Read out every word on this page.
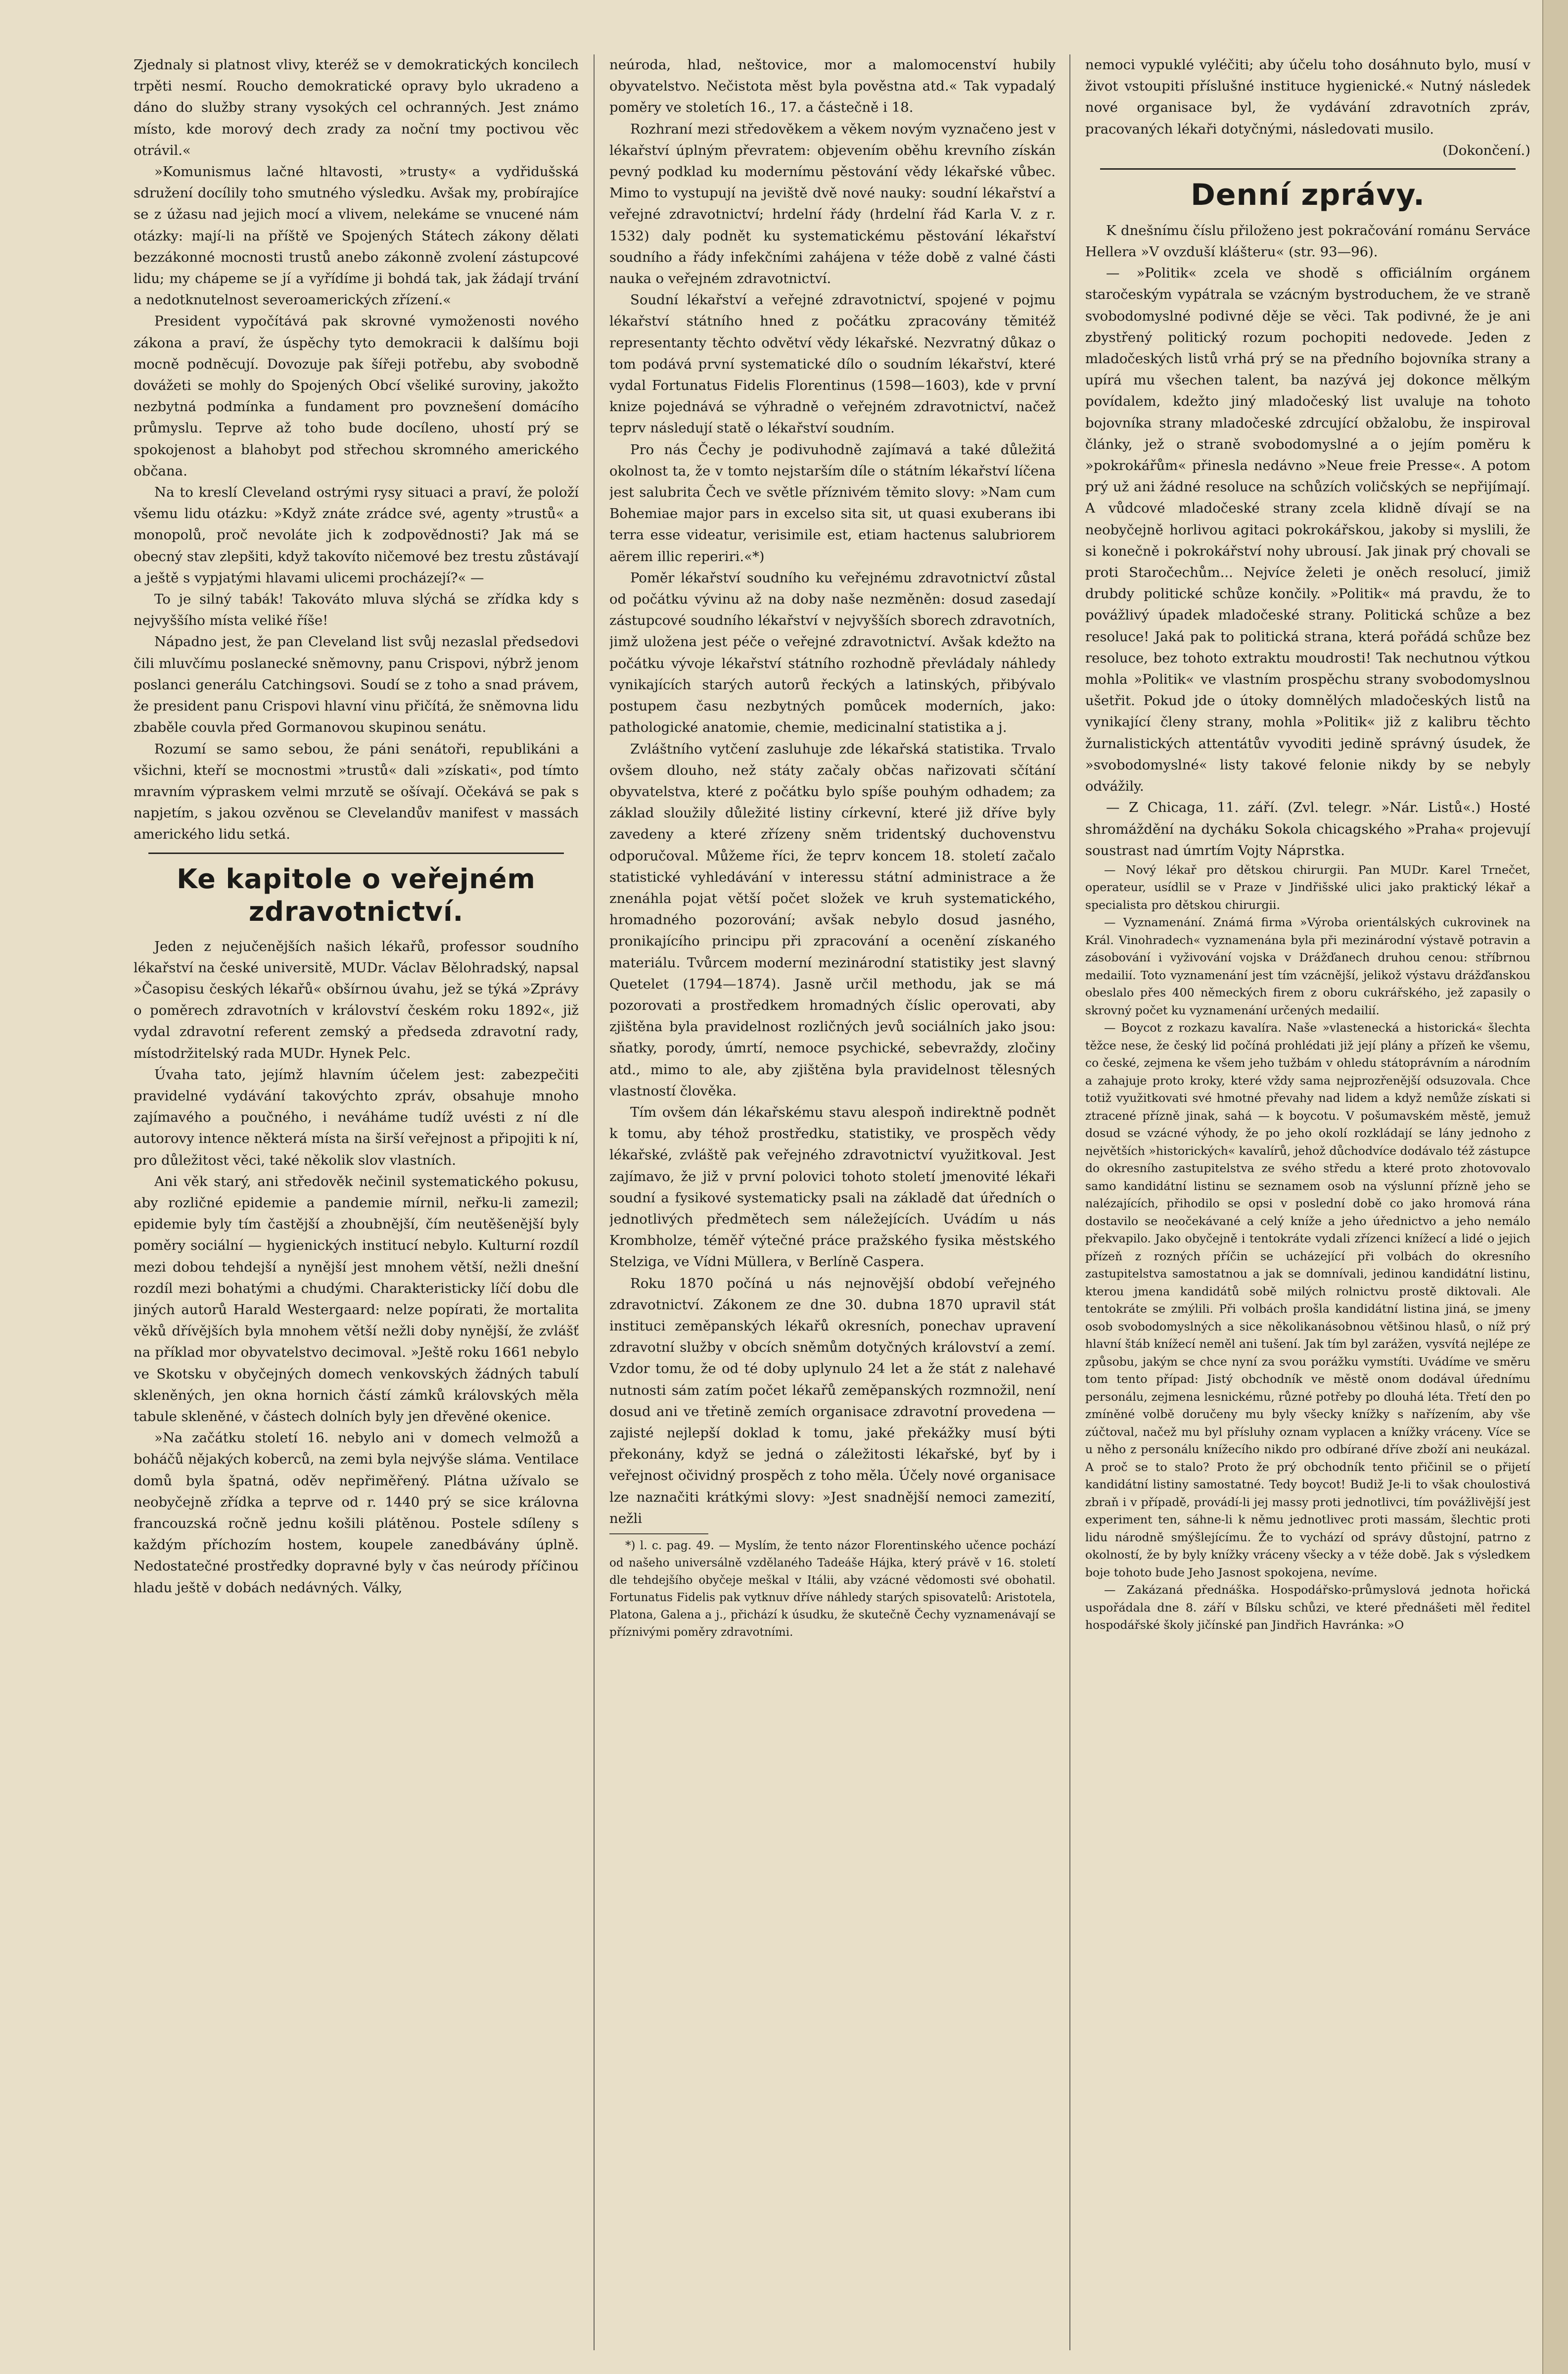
Zjednaly si platnost vlivy, kteréž se v demokratických koncilech trpěti nesmí. Roucho demokratické opravy bylo ukradeno a dáno do služby strany vysokých cel ochranných. Jest známo místo, kde morový dech zrady za noční tmy poctivou věc otrávil.«

»Komunismus lačné hltavosti, »trusty« a vydřidušská sdružení docílily toho smutného výsledku. Avšak my, probírajíce se z úžasu nad jejich mocí a vlivem, nelekáme se vnucené nám otázky: mají-li na příště ve Spojených Státech zákony dělati bezzákonné mocnosti trustů anebo zákonně zvolení zástupcové lidu; my chápeme se jí a vyřídíme ji bohdá tak, jak žádají trvání a nedotknutelnost severoamerických zřízení.«

President vypočítává pak skrovné vymoženosti nového zákona a praví, že úspěchy tyto demokracii k dalšímu boji mocně podněcují. Dovozuje pak šířeji potřebu, aby svobodně dovážeti se mohly do Spojených Obcí všeliké suroviny, jakožto nezbytná podmínka a fundament pro povznešení domácího průmyslu. Teprve až toho bude docíleno, uhostí prý se spokojenost a blahobyt pod střechou skromného amerického občana.

Na to kreslí Cleveland ostrými rysy situaci a praví, že položí všemu lidu otázku: »Když znáte zrádce své, agenty »trustů« a monopolů, proč nevoláte jich k zodpovědnosti? Jak má se obecný stav zlepšiti, když takovíto ničemové bez trestu zůstávají a ještě s vypjatými hlavami ulicemi procházejí?« —

To je silný tabák! Takováto mluva slýchá se zřídka kdy s nejvyššího místa veliké říše!

Nápadno jest, že pan Cleveland list svůj nezaslal předsedovi čili mluvčímu poslanecké sněmovny, panu Crispovi, nýbrž jenom poslanci generálu Catchingsovi. Soudí se z toho a snad právem, že president panu Crispovi hlavní vinu přičítá, že sněmovna lidu zbaběle couvla před Gormanovou skupinou senátu.

Rozumí se samo sebou, že páni senátoři, republikáni a všichni, kteří se mocnostmi »trustů« dali »získati«, pod tímto mravním výpraskem velmi mrzutě se ošívají. Očekává se pak s napjetím, s jakou ozvěnou se Clevelandův manifest v massách amerického lidu setká.

Ke kapitole o veřejném zdravotnictví.

Jeden z nejučenějších našich lékařů, professor soudního lékařství na české universitě, MUDr. Václav Bělohradský, napsal »Časopisu českých lékařů« obšírnou úvahu, jež se týká »Zprávy o poměrech zdravotních v království českém roku 1892«, již vydal zdravotní referent zemský a předseda zdravotní rady, místodržitelský rada MUDr. Hynek Pelc.

Úvaha tato, jejímž hlavním účelem jest: zabezpečiti pravidelné vydávání takovýchto zpráv, obsahuje mnoho zajímavého a poučného, i neváháme tudíž uvésti z ní dle autorovy intence některá místa na širší veřejnost a připojiti k ní, pro důležitost věci, také několik slov vlastních.

Ani věk starý, ani středověk nečinil systematického pokusu, aby rozličné epidemie a pandemie mírnil, neřku-li zamezil; epidemie byly tím častější a zhoubnější, čím neutěšenější byly poměry sociální — hygienických institucí nebylo. Kulturní rozdíl mezi dobou tehdejší a nynější jest mnohem větší, nežli dnešní rozdíl mezi bohatými a chudými. Charakteristicky líčí dobu dle jiných autorů Harald Westergaard: nelze popírati, že mortalita věků dřívějších byla mnohem větší nežli doby nynější, že zvlášť na příklad mor obyvatelstvo decimoval. »Ještě roku 1661 nebylo ve Skotsku v obyčejných domech venkovských žádných tabulí skleněných, jen okna hornich částí zámků královských měla tabule skleněné, v částech dolních byly jen dřevěné okenice.

»Na začátku století 16. nebylo ani v domech velmožů a boháčů nějakých koberců, na zemi byla nejvýše sláma. Ventilace domů byla špatná, oděv nepřiměřený. Plátna užívalo se neobyčejně zřídka a teprve od r. 1440 prý se sice královna francouzská ročně jednu košili plátěnou. Postele sdíleny s každým příchozím hostem, koupele zanedbávány úplně. Nedostatečné prostředky dopravné byly v čas neúrody příčinou hladu ještě v dobách nedávných. Války,

neúroda, hlad, neštovice, mor a malomocenství hubily obyvatelstvo. Nečistota měst byla pověstna atd.« Tak vypadalý poměry ve stoletích 16., 17. a částečně i 18.

Rozhraní mezi středověkem a věkem novým vyznačeno jest v lékařství úplným převratem: objevením oběhu krevního získán pevný podklad ku modernímu pěstování vědy lékařské vůbec. Mimo to vystupují na jeviště dvě nové nauky: soudní lékařství a veřejné zdravotnictví; hrdelní řády (hrdelní řád Karla V. z r. 1532) daly podnět ku systematickému pěstování lékařství soudního a řády infekčními zahájena v téže době z valné části nauka o veřejném zdravotnictví.

Soudní lékařství a veřejné zdravotnictví, spojené v pojmu lékařství státního hned z počátku zpracovány těmitéž representanty těchto odvětví vědy lékařské. Nezvratný důkaz o tom podává první systematické dílo o soudním lékařství, které vydal Fortunatus Fidelis Florentinus (1598—1603), kde v první knize pojednává se výhradně o veřejném zdravotnictví, načež teprv následují statě o lékařství soudním.

Pro nás Čechy je podivuhodně zajímavá a také důležitá okolnost ta, že v tomto nejstarším díle o státním lékařství líčena jest salubrita Čech ve světle příznivém těmito slovy: »Nam cum Bohemiae major pars in excelso sita sit, ut quasi exuberans ibi terra esse videatur, verisimile est, etiam hactenus salubriorem aërem illic reperiri.«*)

Poměr lékařství soudního ku veřejnému zdravotnictví zůstal od počátku vývinu až na doby naše nezměněn: dosud zasedají zástupcové soudního lékařství v nejvyšších sborech zdravotních, jimž uložena jest péče o veřejné zdravotnictví. Avšak kdežto na počátku vývoje lékařství státního rozhodně převládaly náhledy vynikajících starých autorů řeckých a latinských, přibývalo postupem času nezbytných pomůcek moderních, jako: pathologické anatomie, chemie, medicinalní statistika a j.

Zvláštního vytčení zasluhuje zde lékařská statistika. Trvalo ovšem dlouho, než státy začaly občas nařizovati sčítání obyvatelstva, které z počátku bylo spíše pouhým odhadem; za základ sloužily důležité listiny církevní, které již dříve byly zavedeny a které zřízeny sněm tridentský duchovenstvu odporučoval. Můžeme říci, že teprv koncem 18. století začalo statistické vyhledávání v interessu státní administrace a že znenáhla pojat větší počet složek ve kruh systematického, hromadného pozorování; avšak nebylo dosud jasného, pronikajícího principu při zpracování a ocenění získaného materiálu. Tvůrcem moderní mezinárodní statistiky jest slavný Quetelet (1794—1874). Jasně určil methodu, jak se má pozorovati a prostředkem hromadných číslic operovati, aby zjištěna byla pravidelnost rozličných jevů sociálních jako jsou: sňatky, porody, úmrtí, nemoce psychické, sebevraždy, zločiny atd., mimo to ale, aby zjištěna byla pravidelnost tělesných vlastností člověka.

Tím ovšem dán lékařskému stavu alespoň indirektně podnět k tomu, aby téhož prostředku, statistiky, ve prospěch vědy lékařské, zvláště pak veřejného zdravotnictví využitkoval. Jest zajímavo, že již v první polovici tohoto století jmenovité lékaři soudní a fysikové systematicky psali na základě dat úředních o jednotlivých předmětech sem náležejících. Uvádím u nás Krombholze, téměř výtečné práce pražského fysika městského Stelziga, ve Vídni Müllera, v Berlíně Caspera.

Roku 1870 počíná u nás nejnovější období veřejného zdravotnictví. Zákonem ze dne 30. dubna 1870 upravil stát instituci zeměpanských lékařů okresních, ponechav upravení zdravotní služby v obcích sněmům dotyčných království a zemí. Vzdor tomu, že od té doby uplynulo 24 let a že stát z nalehavé nutnosti sám zatím počet lékařů zeměpanských rozmnožil, není dosud ani ve třetině zemích organisace zdravotní provedena — zajisté nejlepší doklad k tomu, jaké překážky musí býti překonány, když se jedná o záležitosti lékařské, byť by i veřejnost očividný prospěch z toho měla. Účely nové organisace lze naznačiti krátkými slovy: »Jest snadnější nemoci zamezití, nežli

*) l. c. pag. 49. — Myslím, že tento názor Florentinského učence pochází od našeho universálně vzdělaného Tadeáše Hájka, který právě v 16. století dle tehdejšího obyčeje meškal v Itálii, aby vzácné vědomosti své obohatil. Fortunatus Fidelis pak vytknuv dříve náhledy starých spisovatelů: Aristotela, Platona, Galena a j., přichází k úsudku, že skutečně Čechy vyznamenávají se příznivými poměry zdravotními.

nemoci vypuklé vyléčiti; aby účelu toho dosáhnuto bylo, musí v život vstoupiti příslušné instituce hygienické.« Nutný následek nové organisace byl, že vydávání zdravotních zpráv, pracovaných lékaři dotyčnými, následovati musilo.

(Dokončení.)

Denní zprávy.

K dnešnímu číslu přiloženo jest pokračování románu Serváce Hellera »V ovzduší klášteru« (str. 93—96).

— »Politik« zcela ve shodě s officiálním orgánem staročeským vypátrala se vzácným bystroduchem, že ve straně svobodomyslné podivné děje se věci. Tak podivné, že je ani zbystřený politický rozum pochopiti nedovede. Jeden z mladočeských listů vrhá prý se na předního bojovníka strany a upírá mu všechen talent, ba nazývá jej dokonce mělkým povídalem, kdežto jiný mladočeský list uvaluje na tohoto bojovníka strany mladočeské zdrcující obžalobu, že inspiroval články, jež o straně svobodomyslné a o jejím poměru k »pokrokářům« přinesla nedávno »Neue freie Presse«. A potom prý už ani žádné resoluce na schůzích voličských se nepřijímají. A vůdcové mladočeské strany zcela klidně dívají se na neobyčejně horlivou agitaci pokrokářskou, jakoby si myslili, že si konečně i pokrokářství nohy ubrousí. Jak jinak prý chovali se proti Staročechům... Nejvíce želeti je oněch resolucí, jimiž drubdy politické schůze končily. »Politik« má pravdu, že to povážlivý úpadek mladočeské strany. Politická schůze a bez resoluce! Jaká pak to politická strana, která pořádá schůze bez resoluce, bez tohoto extraktu moudrosti! Tak nechutnou výtkou mohla »Politik« ve vlastním prospěchu strany svobodomyslnou ušetřit. Pokud jde o útoky domnělých mladočeských listů na vynikající členy strany, mohla »Politik« již z kalibru těchto žurnalistických attentátův vyvoditi jedině správný úsudek, že »svobodomyslné« listy takové felonie nikdy by se nebyly odvážily.

— Z Chicaga, 11. září. (Zvl. telegr. »Nár. Listů«.) Hosté shromáždění na dycháku Sokola chicagského »Praha« projevují soustrast nad úmrtím Vojty Náprstka.

— Nový lékař pro dětskou chirurgii. Pan MUDr. Karel Trnečet, operateur, usídlil se v Praze v Jindřišské ulici jako praktický lékař a specialista pro dětskou chirurgii.

— Vyznamenání. Známá firma »Výroba orientálských cukrovinek na Král. Vinohradech« vyznamenána byla při mezinárodní výstavě potravin a zásobování i vyživování vojska v Drážďanech druhou cenou: stříbrnou medailií. Toto vyznamenání jest tím vzácnější, jelikož výstavu drážďanskou obeslalo přes 400 německých firem z oboru cukrářského, jež zapasily o skrovný počet ku vyznamenání určených medailií.

— Boycot z rozkazu kavalíra. Naše »vlastenecká a historická« šlechta těžce nese, že český lid počíná prohlédati již její plány a přízeň ke všemu, co české, zejmena ke všem jeho tužbám v ohledu státoprávním a národním a zahajuje proto kroky, které vždy sama nejprozřenější odsuzovala. Chce totiž využitkovati své hmotné převahy nad lidem a když nemůže získati si ztracené přízně jinak, sahá — k boycotu. V pošumavském městě, jemuž dosud se vzácné výhody, že po jeho okolí rozkládají se lány jednoho z největších »historických« kavalírů, jehož důchodvíce dodávalo též zástupce do okresního zastupitelstva ze svého středu a které proto zhotovovalo samo kandidátní listinu se seznamem osob na výslunní přízně jeho se nalézajících, přihodilo se opsi v poslední době co jako hromová rána dostavilo se neočekávané a celý kníže a jeho úřednictvo a jeho nemálo překvapilo. Jako obyčejně i tentokráte vydali zřízenci knížecí a lidé o jejich přízeň z rozných příčin se ucházející při volbách do okresního zastupitelstva samostatnou a jak se domnívali, jedinou kandidátní listinu, kterou jmena kandidátů sobě milých rolnictvu prostě diktovali. Ale tentokráte se zmýlili. Při volbách prošla kandidátní listina jiná, se jmeny osob svobodomyslných a sice několikanásobnou většinou hlasů, o níž prý hlavní štáb knížecí neměl ani tušení. Jak tím byl zarážen, vysvítá nejlépe ze způsobu, jakým se chce nyní za svou porážku vymstíti. Uvádíme ve směru tom tento případ: Jistý obchodník ve městě onom dodával úřednímu personálu, zejmena lesnickému, různé potřeby po dlouhá léta. Třetí den po zmíněné volbě doručeny mu byly všecky knížky s nařízením, aby vše zúčtoval, načež mu byl přísluhy oznam vyplacen a knížky vráceny. Více se u něho z personálu knížecího nikdo pro odbírané dříve zboží ani neukázal. A proč se to stalo? Proto že prý obchodník tento přičinil se o přijetí kandidátní listiny samostatné. Tedy boycot! Budiž Je-li to však choulostivá zbraň i v případě, provádí-li jej massy proti jednotlivci, tím povážlivější jest experiment ten, sáhne-li k němu jednotlivec proti massám, šlechtic proti lidu národně smýšlejícímu. Že to vychází od správy důstojní, patrno z okolností, že by byly knížky vráceny všecky a v téže době. Jak s výsledkem boje tohoto bude Jeho Jasnost spokojena, nevíme.

— Zakázaná přednáška. Hospodářsko-průmyslová jednota hořická uspořádala dne 8. září v Bílsku schůzi, ve které přednášeti měl ředitel hospodářské školy jičínské pan Jindřich Havránka: »O
